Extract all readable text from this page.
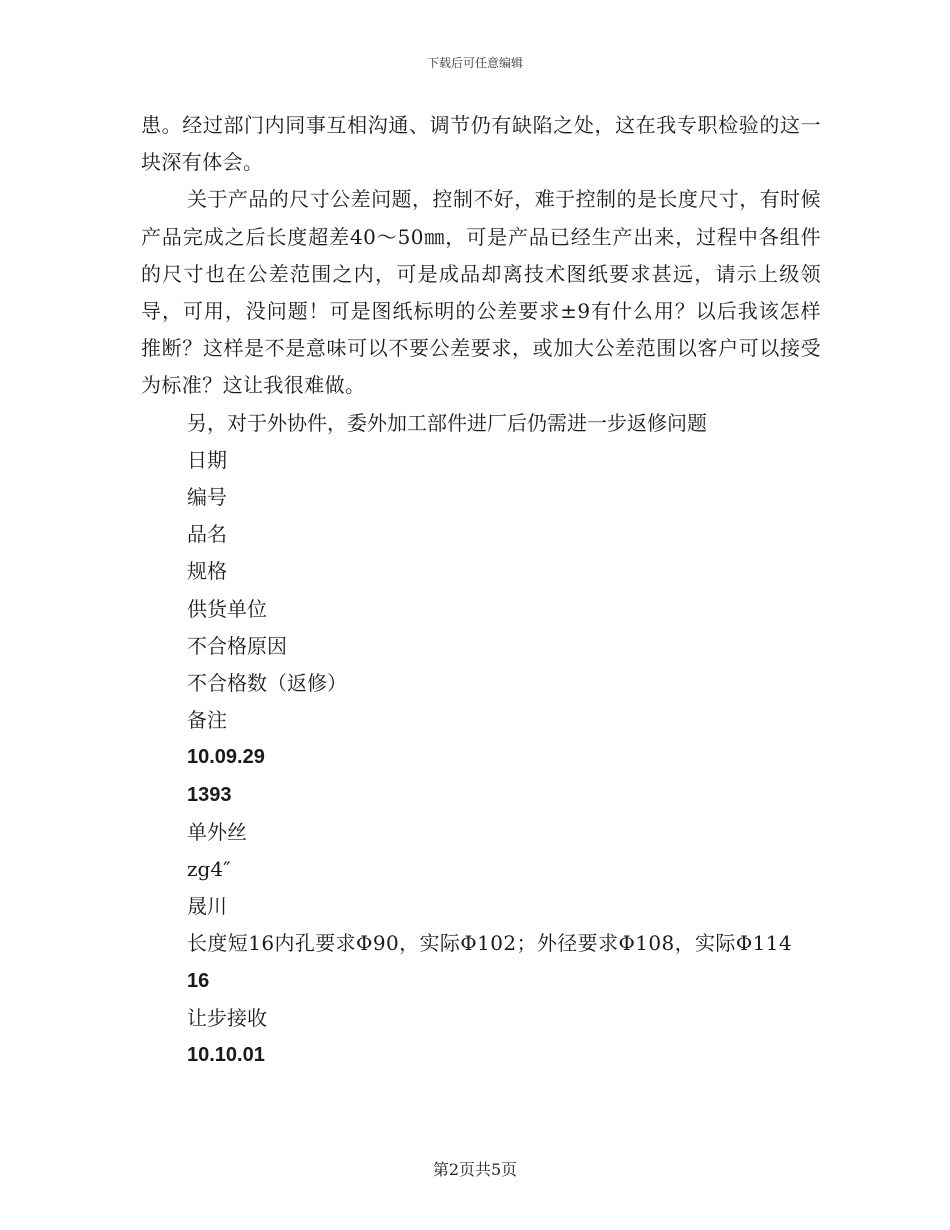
下载后可任意编辑

患。经过部门内同事互相沟通、调节仍有缺陷之处，这在我专职检验的这一块深有体会。

关于产品的尺寸公差问题，控制不好，难于控制的是长度尺寸，有时候产品完成之后长度超差40～50㎜，可是产品已经生产出来，过程中各组件的尺寸也在公差范围之内，可是成品却离技术图纸要求甚远，请示上级领导，可用，没问题！可是图纸标明的公差要求±9有什么用？以后我该怎样推断？这样是不是意味可以不要公差要求，或加大公差范围以客户可以接受为标准？这让我很难做。

另，对于外协件，委外加工部件进厂后仍需进一步返修问题

日期

编号

品名

规格

供货单位

不合格原因

不合格数（返修）

备注

10.09.29

1393

单外丝

zg4″

晟川

长度短16内孔要求Φ90，实际Φ102；外径要求Φ108，实际Φ114

16

让步接收

10.10.01

第2页共5页
